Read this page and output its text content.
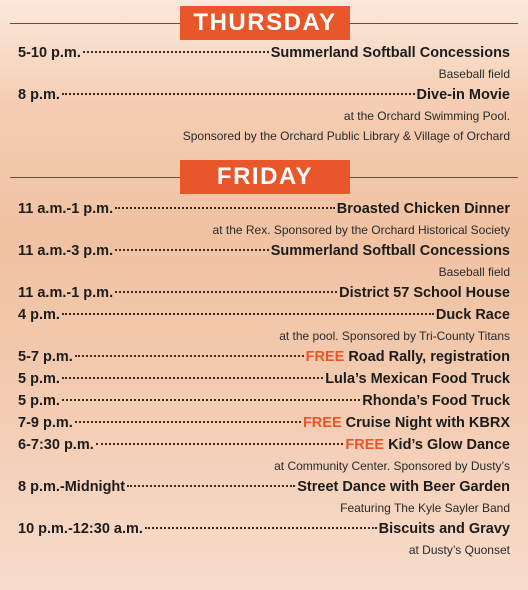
THURSDAY
5-10 p.m.	Summerland Softball Concessions
Baseball field
8 p.m.	Dive-in Movie
at the Orchard Swimming Pool.
Sponsored by the Orchard Public Library & Village of Orchard
FRIDAY
11 a.m.-1 p.m.	Broasted Chicken Dinner
at the Rex. Sponsored by the Orchard Historical Society
11 a.m.-3 p.m.	Summerland Softball Concessions
Baseball field
11 a.m.-1 p.m.	District 57 School House
4 p.m.	Duck Race
at the pool. Sponsored by Tri-County Titans
5-7 p.m.	FREE Road Rally, registration
5 p.m.	Lula’s Mexican Food Truck
5 p.m.	Rhonda’s Food Truck
7-9 p.m.	FREE Cruise Night with KBRX
6-7:30 p.m.	FREE Kid’s Glow Dance
at Community Center. Sponsored by Dusty’s
8 p.m.-Midnight	Street Dance with Beer Garden
Featuring The Kyle Sayler Band
10 p.m.-12:30 a.m.	Biscuits and Gravy
at Dusty’s Quonset
